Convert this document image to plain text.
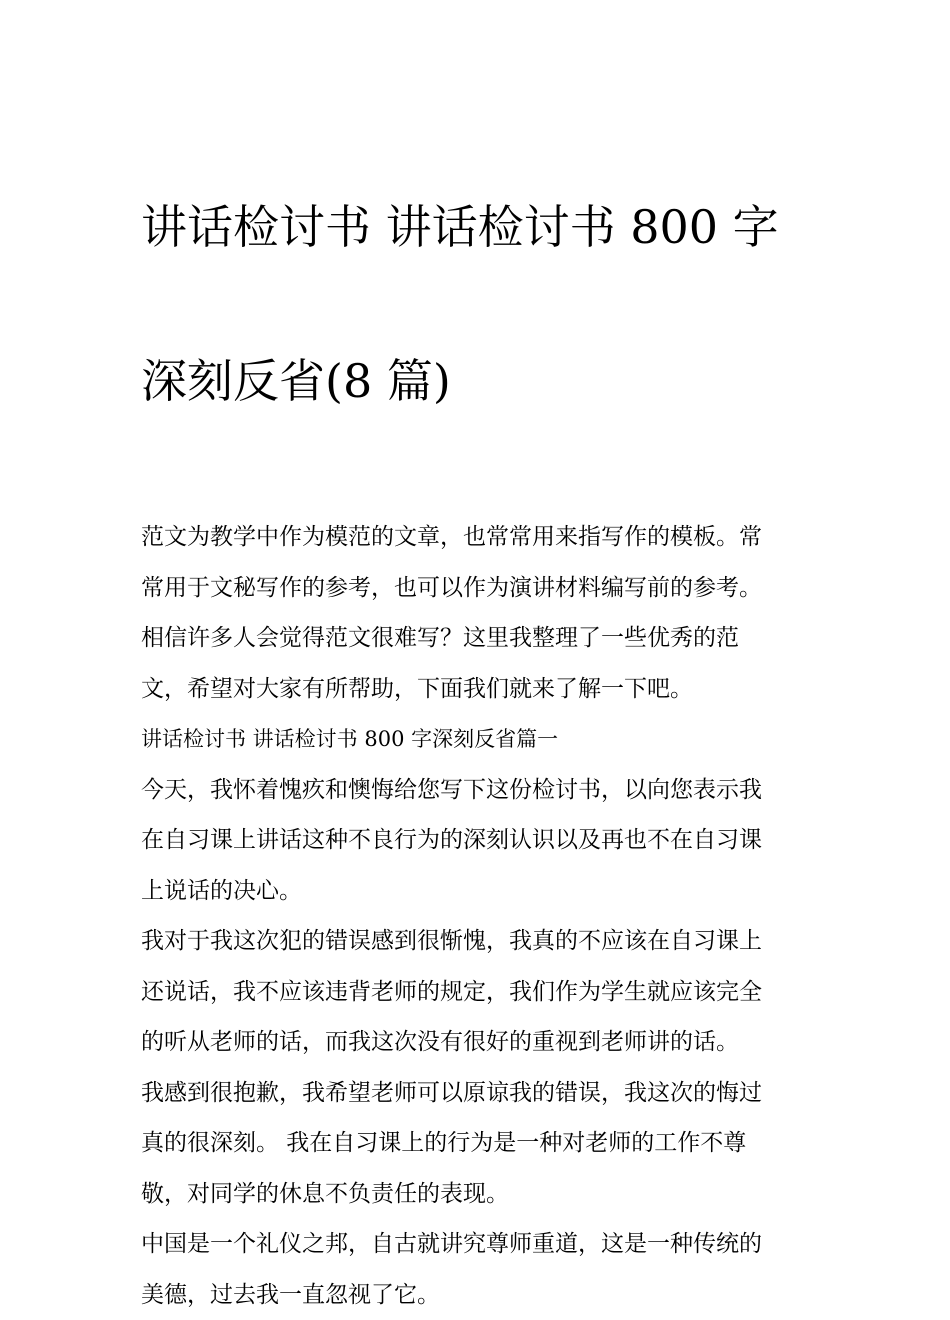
讲话检讨书 讲话检讨书 800 字

深刻反省(8 篇)

范文为教学中作为模范的文章，也常常用来指写作的模板。常
常用于文秘写作的参考，也可以作为演讲材料编写前的参考。
相信许多人会觉得范文很难写？这里我整理了一些优秀的范
文，希望对大家有所帮助，下面我们就来了解一下吧。
讲话检讨书 讲话检讨书 800 字深刻反省篇一
今天，我怀着愧疚和懊悔给您写下这份检讨书，以向您表示我
在自习课上讲话这种不良行为的深刻认识以及再也不在自习课
上说话的决心。
我对于我这次犯的错误感到很惭愧，我真的不应该在自习课上
还说话，我不应该违背老师的规定，我们作为学生就应该完全
的听从老师的话，而我这次没有很好的重视到老师讲的话。
我感到很抱歉，我希望老师可以原谅我的错误，我这次的悔过
真的很深刻。 我在自习课上的行为是一种对老师的工作不尊
敬，对同学的休息不负责任的表现。
中国是一个礼仪之邦，自古就讲究尊师重道，这是一种传统的
美德，过去我一直忽视了它。
